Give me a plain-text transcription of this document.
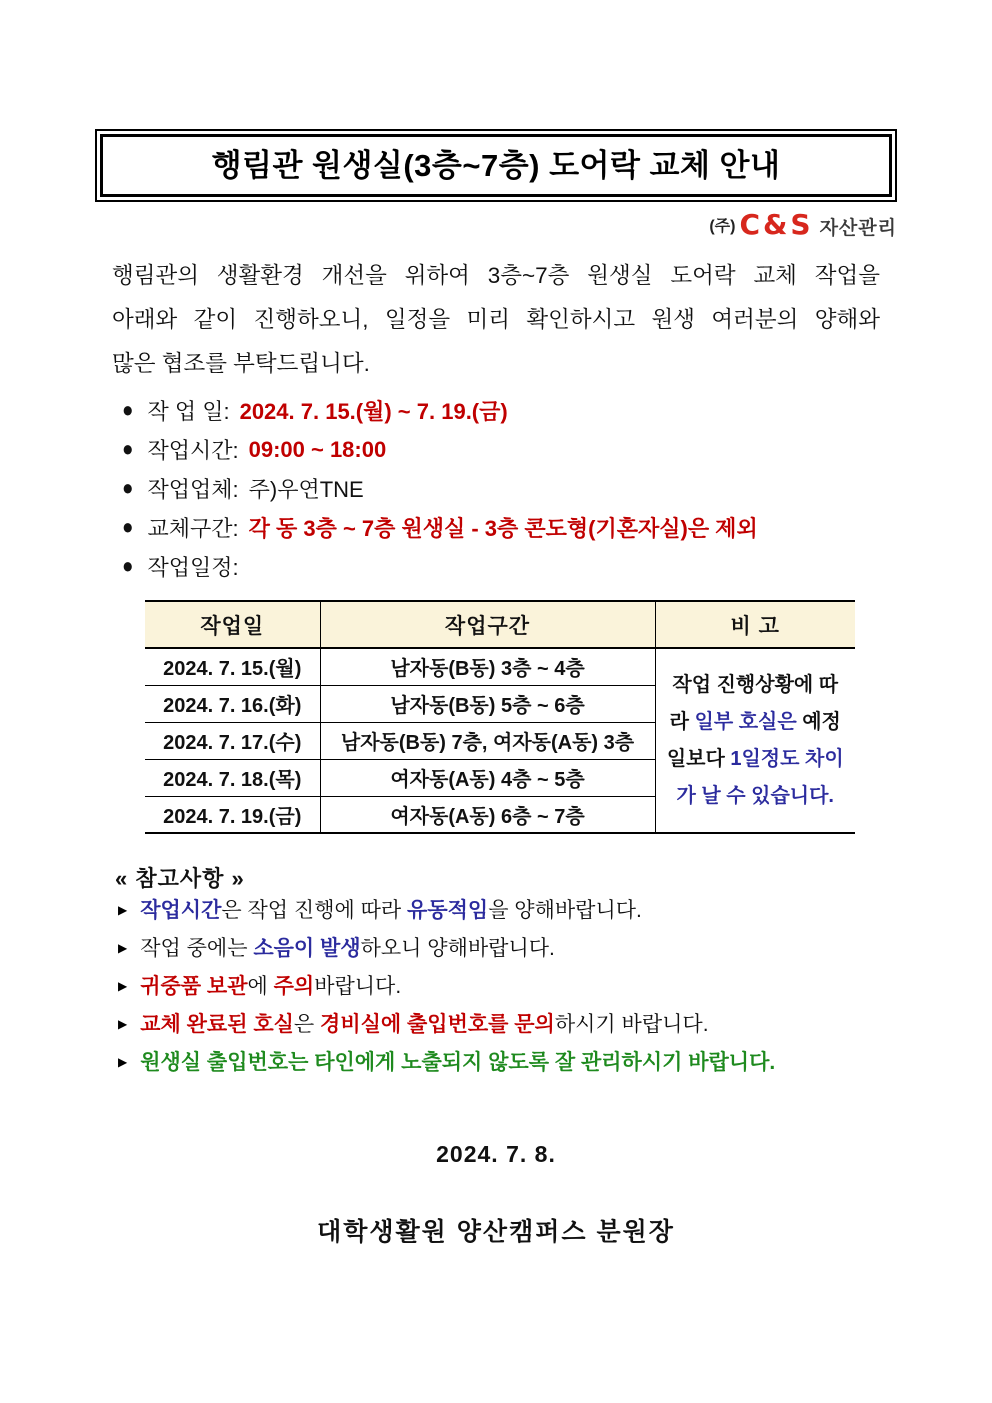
행림관 원생실(3층~7층) 도어락 교체 안내
(주) C&S 자산관리
행림관의 생활환경 개선을 위하여 3층~7층 원생실 도어락 교체 작업을
아래와 같이 진행하오니, 일정을 미리 확인하시고 원생 여러분의 양해와
많은 협조를 부탁드립니다.
● 작 업 일: 2024. 7. 15.(월) ~ 7. 19.(금)
● 작업시간: 09:00 ~ 18:00
● 작업업체: 주)우연TNE
● 교체구간: 각 동 3층 ~ 7층 원생실 - 3층 콘도형(기혼자실)은 제외
● 작업일정:
작업일	작업구간	비 고
2024. 7. 15.(월)	남자동(B동) 3층 ~ 4층	작업 진행상황에 따라 일부 호실은 예정일보다 1일정도 차이가 날 수 있습니다.
2024. 7. 16.(화)	남자동(B동) 5층 ~ 6층	
2024. 7. 17.(수)	남자동(B동) 7층, 여자동(A동) 3층	
2024. 7. 18.(목)	여자동(A동) 4층 ~ 5층	
2024. 7. 19.(금)	여자동(A동) 6층 ~ 7층	
« 참고사항 »
▶ 작업시간은 작업 진행에 따라 유동적임을 양해바랍니다.
▶ 작업 중에는 소음이 발생하오니 양해바랍니다.
▶ 귀중품 보관에 주의바랍니다.
▶ 교체 완료된 호실은 경비실에 출입번호를 문의하시기 바랍니다.
▶ 원생실 출입번호는 타인에게 노출되지 않도록 잘 관리하시기 바랍니다.
2024. 7. 8.
대학생활원 양산캠퍼스 분원장
